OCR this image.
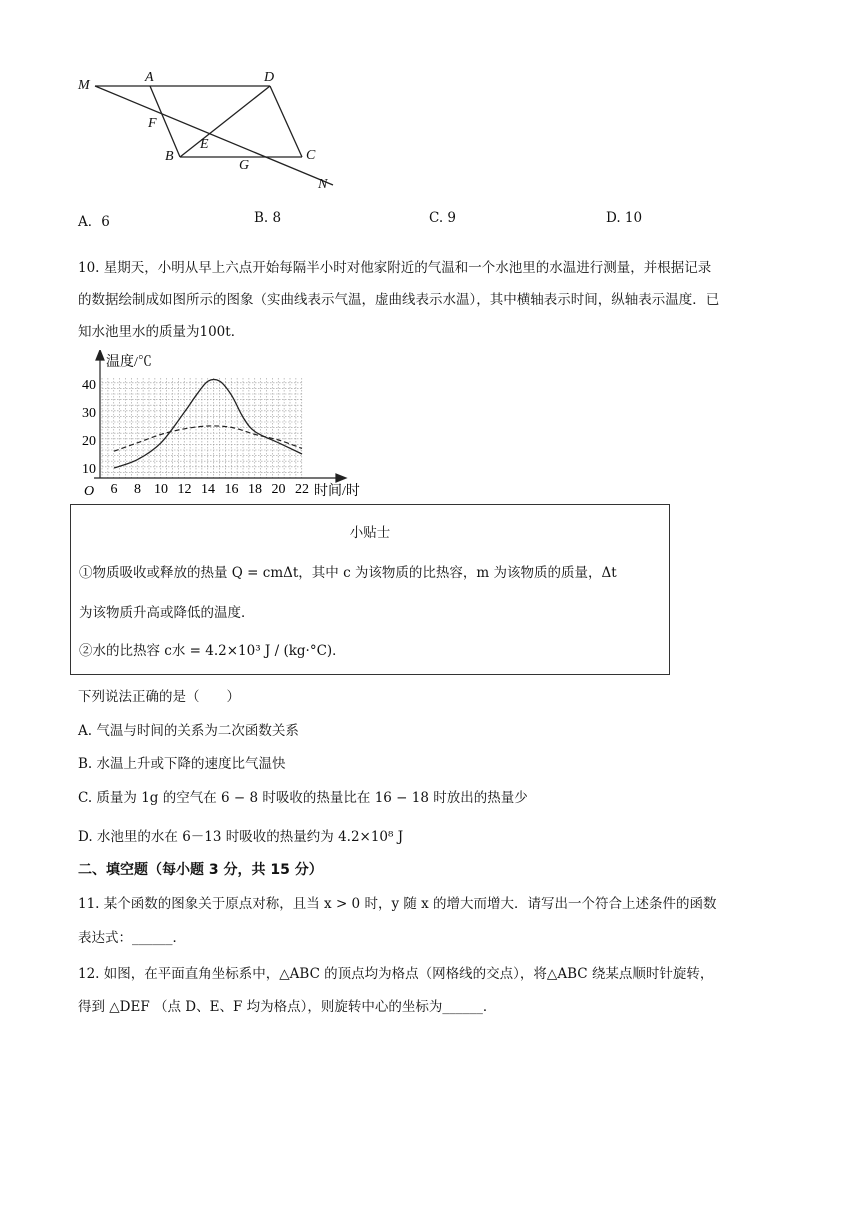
M
A	D
F
E
B
G
C
N
A．6	B. 8	C. 9	D. 10
10. 星期天，小明从早上六点开始每隔半小时对他家附近的气温和一个水池里的水温进行测量，并根据记录
的数据绘制成如图所示的图象（实曲线表示气温，虚曲线表示水温），其中横轴表示时间，纵轴表示温度．已
知水池里水的质量为100t．
温度/℃
时间/时
O 6 8 10 12 14 16 18 20 22
10
20
30
40
小贴士
①物质吸收或释放的热量 Q = cmΔt，其中 c 为该物质的比热容，m 为该物质的质量，Δt
为该物质升高或降低的温度．
②水的比热容 c水 = 4.2×10³ J / (kg·°C)．
下列说法正确的是（　　）
A. 气温与时间的关系为二次函数关系
B. 水温上升或下降的速度比气温快
C. 质量为 1g 的空气在 6 − 8 时吸收的热量比在 16 − 18 时放出的热量少
D. 水池里的水在 6－13 时吸收的热量约为 4.2×10⁸ J
二、填空题（每小题 3 分，共 15 分）
11. 某个函数的图象关于原点对称，且当 x > 0 时，y 随 x 的增大而增大．请写出一个符合上述条件的函数
表达式：______．
12. 如图，在平面直角坐标系中，△ABC 的顶点均为格点（网格线的交点），将△ABC 绕某点顺时针旋转，
得到 △DEF （点 D、E、F 均为格点），则旋转中心的坐标为______．
